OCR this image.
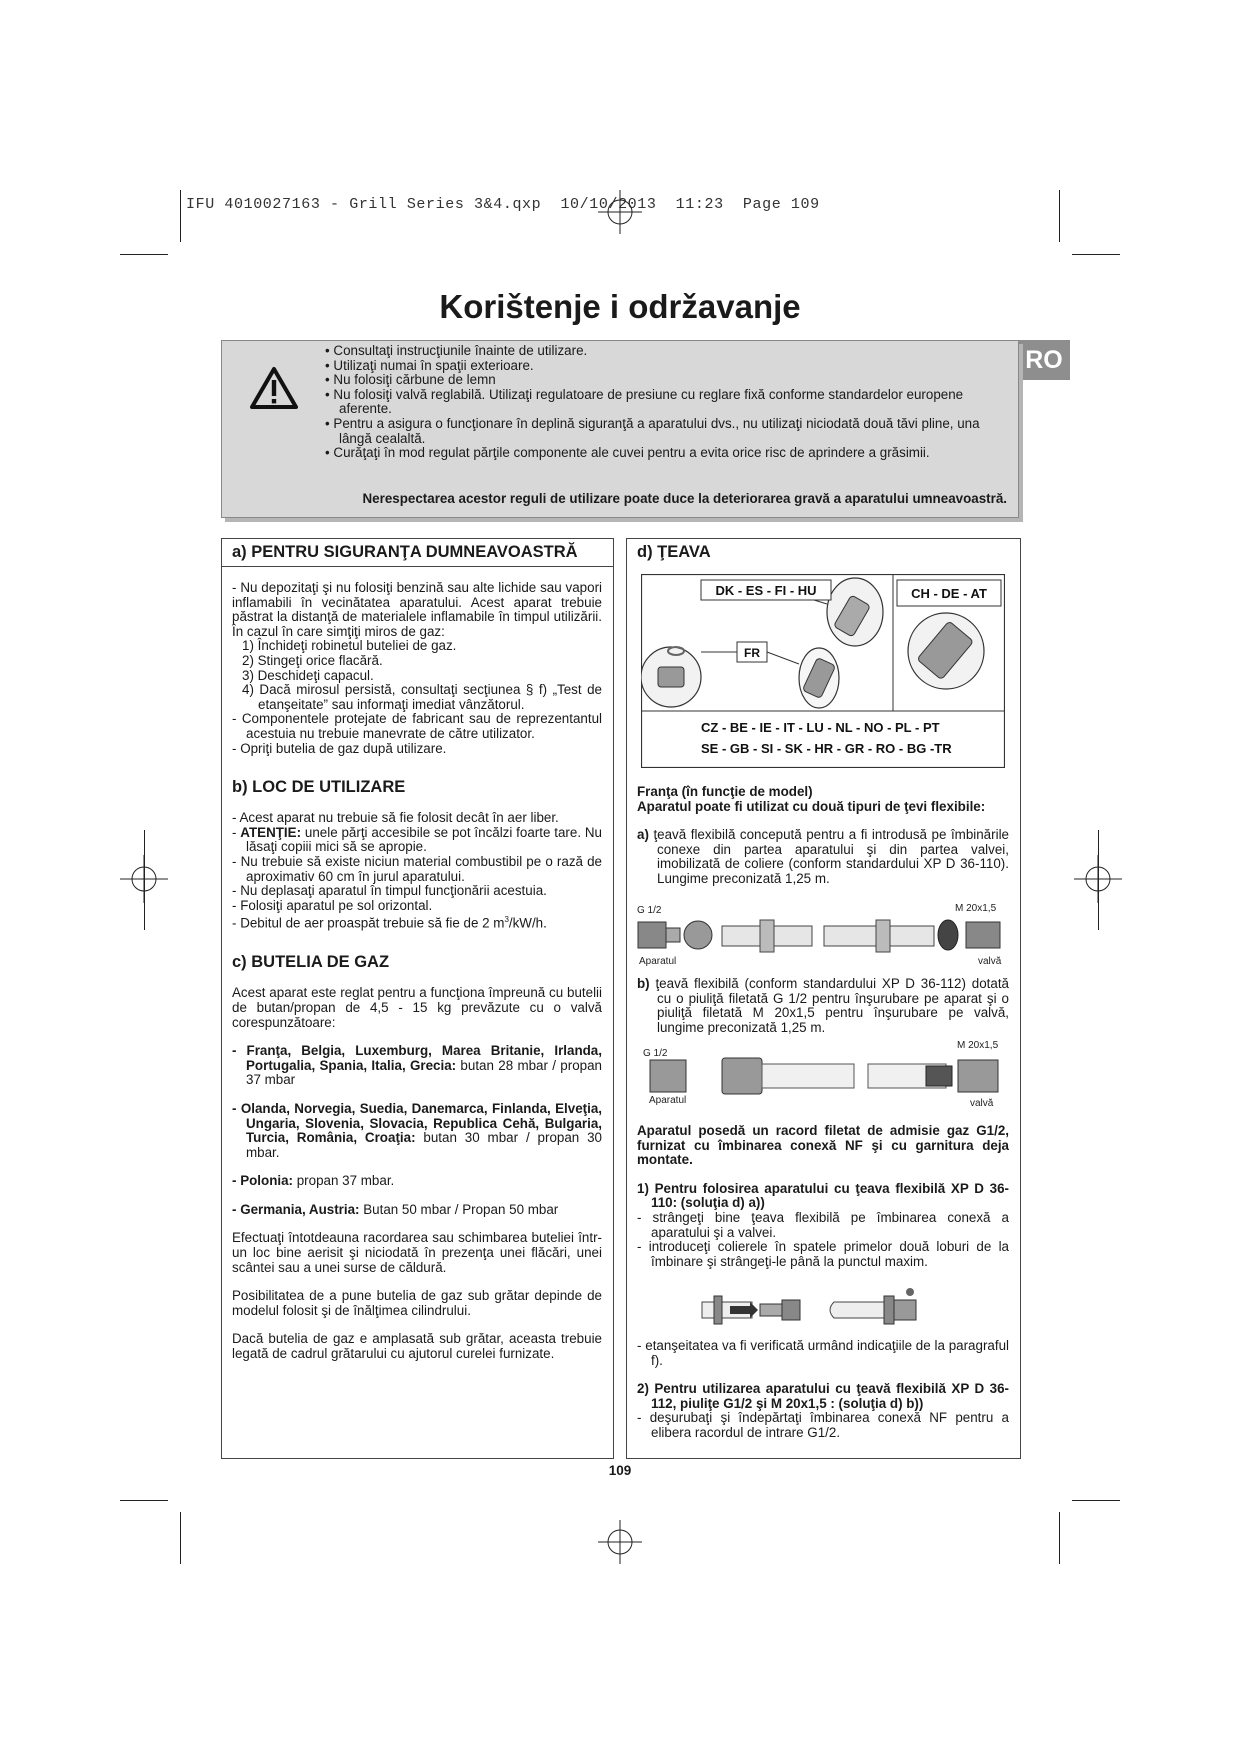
IFU 4010027163 - Grill Series 3&4.qxp  10/10/2013  11:23  Page 109
Korištenje i održavanje
RO
• Consultaţi instrucţiunile înainte de utilizare.
• Utilizaţi numai în spaţii exterioare.
• Nu folosiţi cărbune de lemn
• Nu folosiţi valvă reglabilă. Utilizaţi regulatoare de presiune cu reglare fixă conforme standardelor europene aferente.
• Pentru a asigura o funcţionare în deplină siguranţă a aparatului dvs., nu utilizaţi niciodată două tăvi pline, una lângă cealaltă.
• Curăţaţi în mod regulat părţile componente ale cuvei pentru a evita orice risc de aprindere a grăsimii.
Nerespectarea acestor reguli de utilizare poate duce la deteriorarea gravă a aparatului umneavoastră.
a) PENTRU SIGURANŢA DUMNEAVOASTRĂ
- Nu depozitaţi şi nu folosiţi benzină sau alte lichide sau vapori inflamabili în vecinătatea aparatului. Acest aparat trebuie păstrat la distanţă de materialele inflamabile în timpul utilizării. În cazul în care simţiţi miros de gaz:
1) Închideţi robinetul buteliei de gaz.
2) Stingeţi orice flacără.
3) Deschideţi capacul.
4) Dacă mirosul persistă, consultaţi secţiunea § f) „Test de etanşeitate” sau informaţi imediat vânzătorul.
- Componentele protejate de fabricant sau de reprezentantul acestuia nu trebuie manevrate de către utilizator.
- Opriţi butelia de gaz după utilizare.
b) LOC DE UTILIZARE
- Acest aparat nu trebuie să fie folosit decât în aer liber.
- ATENŢIE: unele părţi accesibile se pot încălzi foarte tare. Nu lăsaţi copiii mici să se apropie.
- Nu trebuie să existe niciun material combustibil pe o rază de aproximativ 60 cm în jurul aparatului.
- Nu deplasaţi aparatul în timpul funcţionării acestuia.
- Folosiţi aparatul pe sol orizontal.
- Debitul de aer proaspăt trebuie să fie de 2 $m^3/kW/h$.
c) BUTELIA DE GAZ
Acest aparat este reglat pentru a funcţiona împreună cu butelii de butan/propan de 4,5 - 15 kg prevăzute cu o valvă corespunzătoare:
- Franţa, Belgia, Luxemburg, Marea Britanie, Irlanda, Portugalia, Spania, Italia, Grecia: butan 28 mbar / propan 37 mbar
- Olanda, Norvegia, Suedia, Danemarca, Finlanda, Elveţia, Ungaria, Slovenia, Slovacia, Republica Cehă, Bulgaria, Turcia, România, Croaţia: butan 30 mbar / propan 30 mbar.
- Polonia: propan 37 mbar.
- Germania, Austria: Butan 50 mbar / Propan 50 mbar
Efectuaţi întotdeauna racordarea sau schimbarea buteliei într-un loc bine aerisit şi niciodată în prezenţa unei flăcări, unei scântei sau a unei surse de căldură.
Posibilitatea de a pune butelia de gaz sub grătar depinde de modelul folosit şi de înălţimea cilindrului.
Dacă butelia de gaz e amplasată sub grătar, aceasta trebuie legată de cadrul grătarului cu ajutorul curelei furnizate.
d) ŢEAVA
DK - ES - FI - HU	CH - DE - AT
FR
CZ - BE - IE - IT - LU - NL - NO - PL - PT
SE - GB - SI - SK - HR - GR - RO - BG -TR
Franţa (în funcţie de model)
Aparatul poate fi utilizat cu două tipuri de ţevi flexibile:
a) ţeavă flexibilă concepută pentru a fi introdusă pe îmbinările conexe din partea aparatului şi din partea valvei, imobilizată de coliere (conform standardului XP D 36-110). Lungime preconizată 1,25 m.
G 1/2	M 20x1,5
Aparatul	valvă
b) ţeavă flexibilă (conform standardului XP D 36-112) dotată cu o piuliţă filetată G 1/2 pentru înşurubare pe aparat şi o piuliţă filetată M 20x1,5 pentru înşurubare pe valvă, lungime preconizată 1,25 m.
G 1/2
M 20x1,5
Aparatul	valvă
Aparatul posedă un racord filetat de admisie gaz G1/2, furnizat cu îmbinarea conexă NF şi cu garnitura deja montate.
1) Pentru folosirea aparatului cu ţeava flexibilă XP D 36-110: (soluţia d) a))
- strângeţi bine ţeava flexibilă pe îmbinarea conexă a aparatului şi a valvei.
- introduceţi colierele în spatele primelor două loburi de la îmbinare şi strângeţi-le până la punctul maxim.
- etanşeitatea va fi verificată urmând indicaţiile de la paragraful f).
2) Pentru utilizarea aparatului cu ţeavă flexibilă XP D 36-112, piuliţe G1/2 şi M 20x1,5 : (soluţia d) b))
- deşurubaţi şi îndepărtaţi îmbinarea conexă NF pentru a elibera racordul de intrare G1/2.
109
